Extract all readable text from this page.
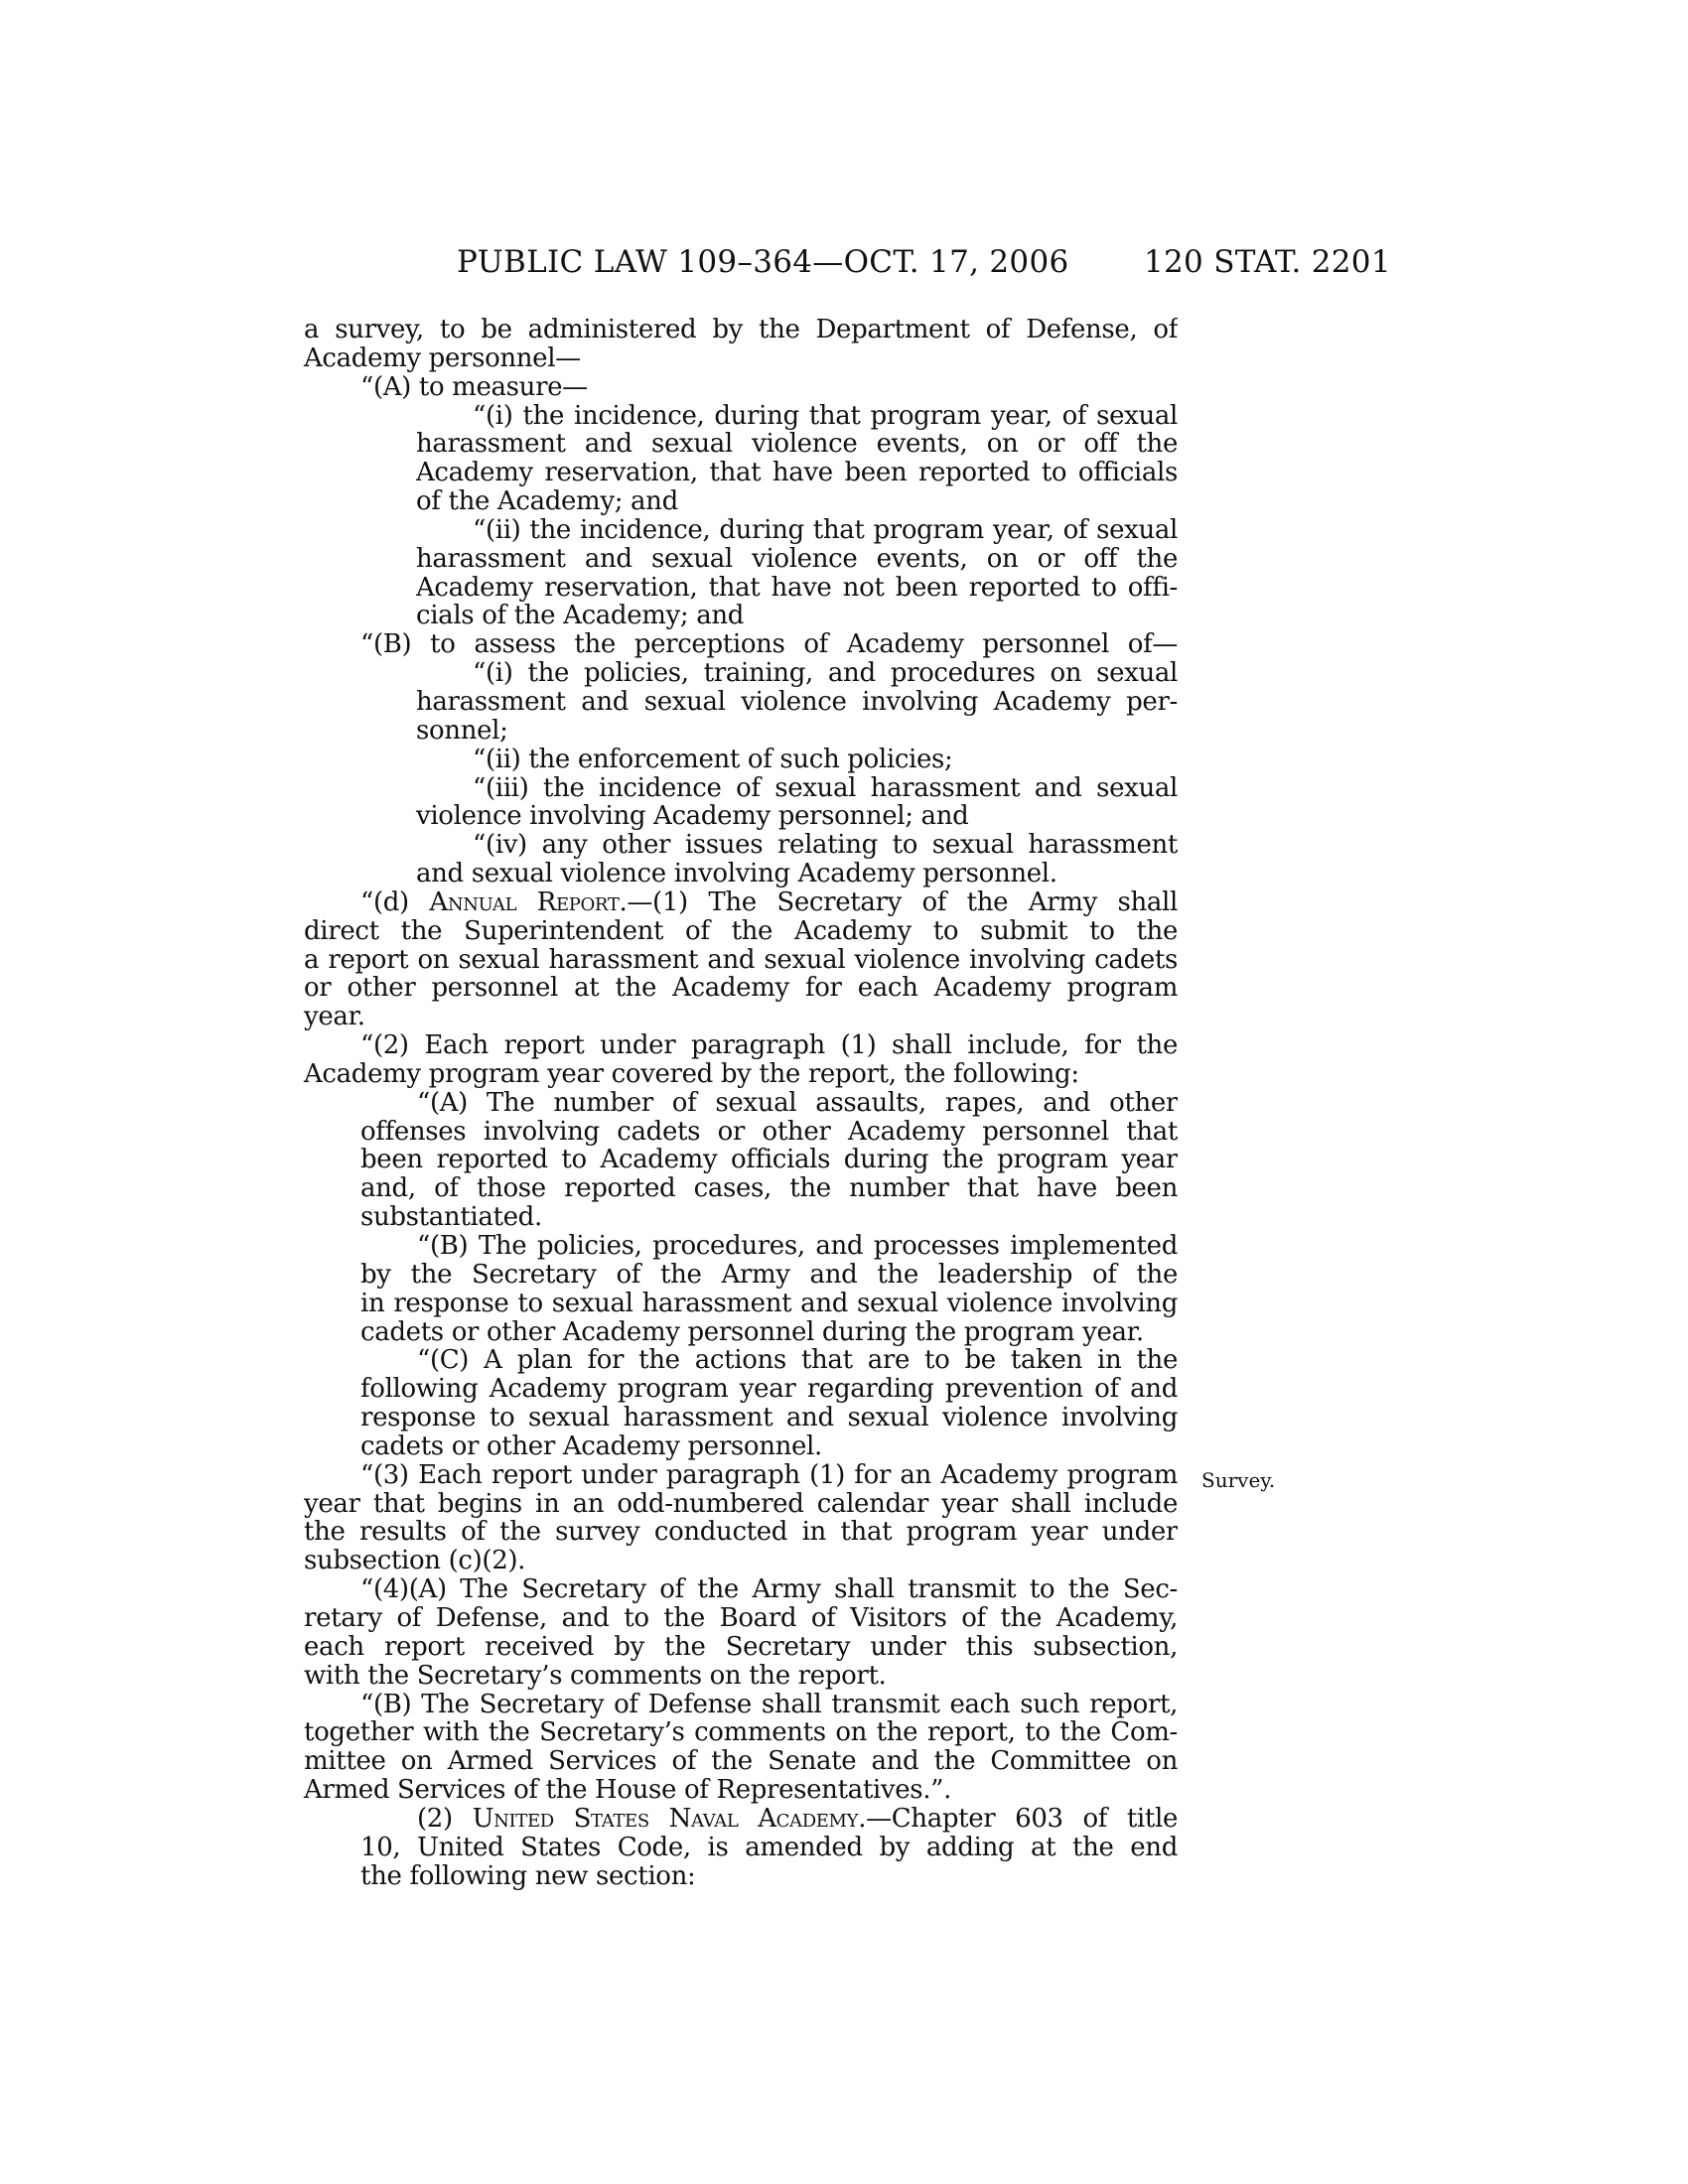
PUBLIC LAW 109–364—OCT. 17, 2006 120 STAT. 2201
a survey, to be administered by the Department of Defense, of
Academy personnel—
“(A) to measure—
“(i) the incidence, during that program year, of sexual
harassment and sexual violence events, on or off the
Academy reservation, that have been reported to officials
of the Academy; and
“(ii) the incidence, during that program year, of sexual
harassment and sexual violence events, on or off the
Academy reservation, that have not been reported to offi-
cials of the Academy; and
“(B) to assess the perceptions of Academy personnel of—
“(i) the policies, training, and procedures on sexual
harassment and sexual violence involving Academy per-
sonnel;
“(ii) the enforcement of such policies;
“(iii) the incidence of sexual harassment and sexual
violence involving Academy personnel; and
“(iv) any other issues relating to sexual harassment
and sexual violence involving Academy personnel.
“(d) Annual Report.—(1) The Secretary of the Army shall
direct the Superintendent of the Academy to submit to the
a report on sexual harassment and sexual violence involving cadets
or other personnel at the Academy for each Academy program
year.
“(2) Each report under paragraph (1) shall include, for the
Academy program year covered by the report, the following:
“(A) The number of sexual assaults, rapes, and other
offenses involving cadets or other Academy personnel that
been reported to Academy officials during the program year
and, of those reported cases, the number that have been
substantiated.
“(B) The policies, procedures, and processes implemented
by the Secretary of the Army and the leadership of the
in response to sexual harassment and sexual violence involving
cadets or other Academy personnel during the program year.
“(C) A plan for the actions that are to be taken in the
following Academy program year regarding prevention of and
response to sexual harassment and sexual violence involving
cadets or other Academy personnel.
“(3) Each report under paragraph (1) for an Academy program
year that begins in an odd-numbered calendar year shall include
the results of the survey conducted in that program year under
subsection (c)(2).
“(4)(A) The Secretary of the Army shall transmit to the Sec-
retary of Defense, and to the Board of Visitors of the Academy,
each report received by the Secretary under this subsection,
with the Secretary’s comments on the report.
“(B) The Secretary of Defense shall transmit each such report,
together with the Secretary’s comments on the report, to the Com-
mittee on Armed Services of the Senate and the Committee on
Armed Services of the House of Representatives.”.
(2) United States Naval Academy.—Chapter 603 of title
10, United States Code, is amended by adding at the end
the following new section:
Survey.
